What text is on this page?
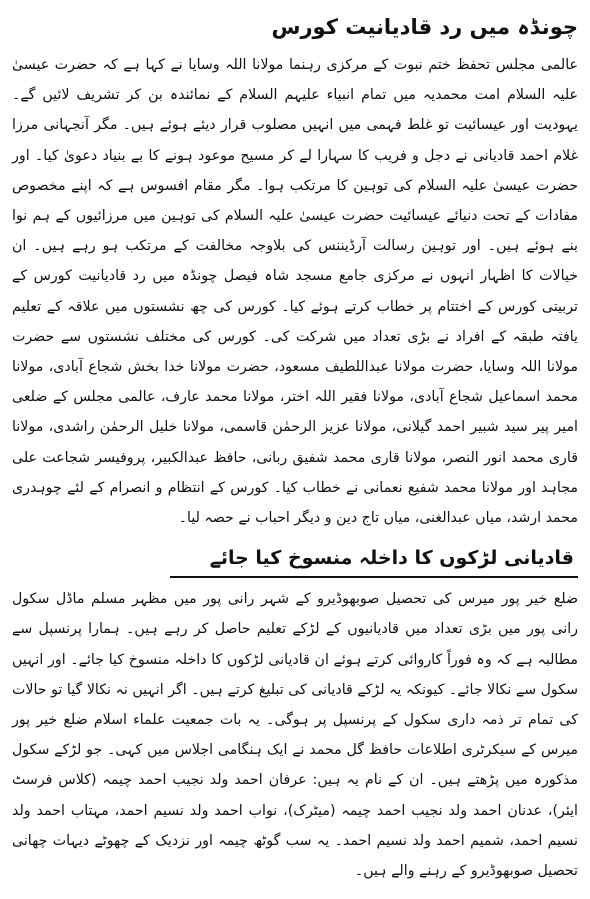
چونڈہ میں رد قادیانیت کورس

عالمی مجلس تحفظ ختم نبوت کے مرکزی رہنما مولانا اللہ وسایا نے کہا ہے کہ حضرت عیسیٰ علیہ السلام امت محمدیہ میں تمام انبیاء علیہم السلام کے نمائندہ بن کر تشریف لائیں گے۔ یہودیت اور عیسائیت تو غلط فہمی میں انہیں مصلوب قرار دیئے ہوئے ہیں۔ مگر آنجہانی مرزا غلام احمد قادیانی نے دجل و فریب کا سہارا لے کر مسیح موعود ہونے کا بے بنیاد دعویٰ کیا۔ اور حضرت عیسیٰ علیہ السلام کی توہین کا مرتکب ہوا۔ مگر مقام افسوس ہے کہ اپنے مخصوص مفادات کے تحت دنیائے عیسائیت حضرت عیسیٰ علیہ السلام کی توہین میں مرزائیوں کے ہم نوا بنے ہوئے ہیں۔ اور توہین رسالت آرڈیننس کی بلاوجہ مخالفت کے مرتکب ہو رہے ہیں۔ ان خیالات کا اظہار انہوں نے مرکزی جامع مسجد شاہ فیصل چونڈہ میں رد قادیانیت کورس کے تربیتی کورس کے اختتام پر خطاب کرتے ہوئے کیا۔ کورس کی چھ نشستوں میں علاقہ کے تعلیم یافتہ طبقہ کے افراد نے بڑی تعداد میں شرکت کی۔ کورس کی مختلف نشستوں سے حضرت مولانا اللہ وسایا، حضرت مولانا عبداللطیف مسعود، حضرت مولانا خدا بخش شجاع آبادی، مولانا محمد اسماعیل شجاع آبادی، مولانا فقیر اللہ اختر، مولانا محمد عارف، عالمی مجلس کے ضلعی امیر پیر سید شبیر احمد گیلانی، مولانا عزیز الرحمٰن قاسمی، مولانا خلیل الرحمٰن راشدی، مولانا قاری محمد انور النصر، مولانا قاری محمد شفیق ربانی، حافظ عبدالکبیر، پروفیسر شجاعت علی مجاہد اور مولانا محمد شفیع نعمانی نے خطاب کیا۔ کورس کے انتظام و انصرام کے لئے چوہدری محمد ارشد، میاں عبدالغنی، میاں تاج دین و دیگر احباب نے حصہ لیا۔

قادیانی لڑکوں کا داخلہ منسوخ کیا جائے

ضلع خیر پور میرس کی تحصیل صوبھوڈیرو کے شہر رانی پور میں مظہر مسلم ماڈل سکول رانی پور میں بڑی تعداد میں قادیانیوں کے لڑکے تعلیم حاصل کر رہے ہیں۔ ہمارا پرنسپل سے مطالبہ ہے کہ وہ فوراً کاروائی کرتے ہوئے ان قادیانی لڑکوں کا داخلہ منسوخ کیا جائے۔ اور انہیں سکول سے نکالا جائے۔ کیونکہ یہ لڑکے قادیانی کی تبلیغ کرتے ہیں۔ اگر انہیں نہ نکالا گیا تو حالات کی تمام تر ذمہ داری سکول کے پرنسپل پر ہوگی۔ یہ بات جمعیت علماء اسلام ضلع خیر پور میرس کے سیکرٹری اطلاعات حافظ گل محمد نے ایک ہنگامی اجلاس میں کہی۔ جو لڑکے سکول مذکورہ میں پڑھتے ہیں۔ ان کے نام یہ ہیں: عرفان احمد ولد نجیب احمد چیمہ (کلاس فرسٹ ایئر)، عدنان احمد ولد نجیب احمد چیمہ (میٹرک)، نواب احمد ولد نسیم احمد، مہتاب احمد ولد نسیم احمد، شمیم احمد ولد نسیم احمد۔ یہ سب گوٹھ چیمہ اور نزدیک کے چھوٹے دیہات چھانی تحصیل صوبھوڈیرو کے رہنے والے ہیں۔
